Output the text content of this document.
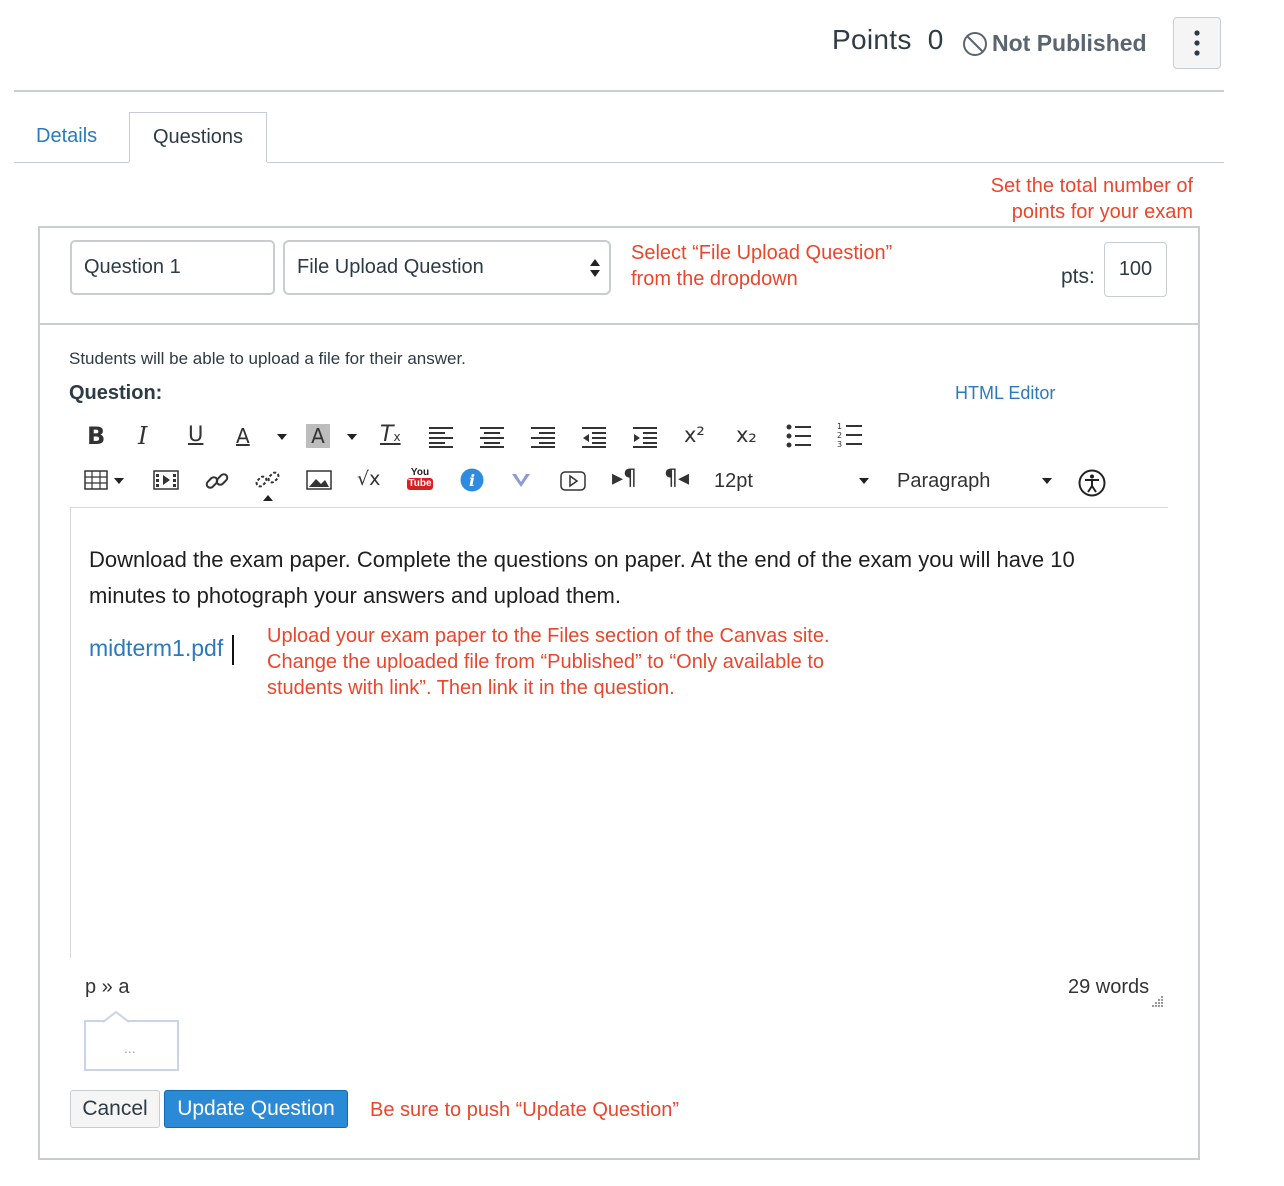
Points 0 Not Published
Details	Questions
Set the total number of points for your exam
Question 1	File Upload Question
Select “File Upload Question”
from the dropdown	pts:	100
Students will be able to upload a file for their answer.
Question:	HTML Editor
B I U A	A	Tx	x² x₂	1
2
3
√x	You
Tube i	▸¶ ¶◂ 12pt	Paragraph
Download the exam paper. Complete the questions on paper. At the end of the exam you will have 10 minutes to photograph your answers and upload them.
midterm1.pdf Upload your exam paper to the Files section of the Canvas site.
Change the uploaded file from “Published” to “Only available to
students with link”. Then link it in the question.
p » a	29 words
...
Cancel	Update Question	Be sure to push “Update Question”
